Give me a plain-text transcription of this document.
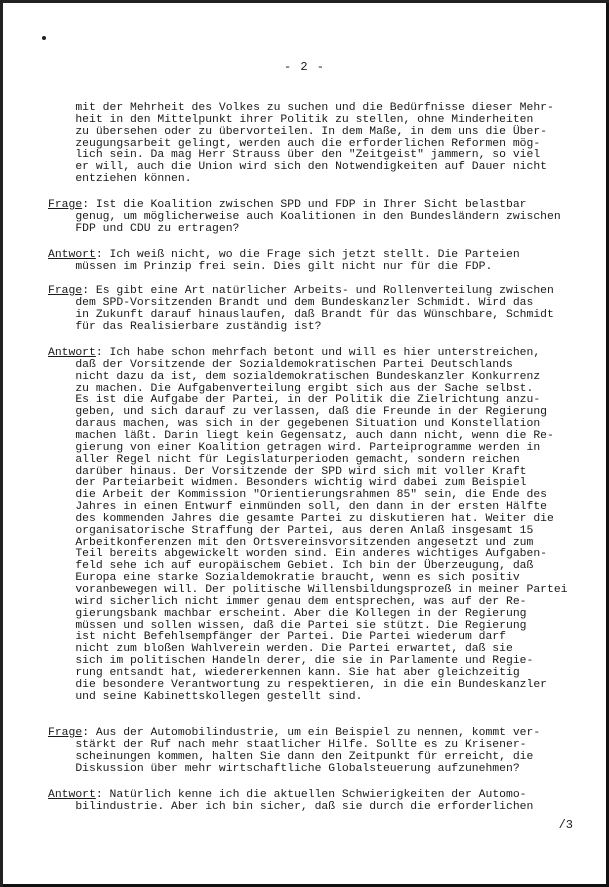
- 2 -
mit der Mehrheit des Volkes zu suchen und die Bedürfnisse dieser Mehr-
heit in den Mittelpunkt ihrer Politik zu stellen, ohne Minderheiten
zu übersehen oder zu übervorteilen. In dem Maße, in dem uns die Über-
zeugungsarbeit gelingt, werden auch die erforderlichen Reformen mög-
lich sein. Da mag Herr Strauss über den "Zeitgeist" jammern, so viel
er will, auch die Union wird sich den Notwendigkeiten auf Dauer nicht
entziehen können.
Frage: Ist die Koalition zwischen SPD und FDP in Ihrer Sicht belastbar
genug, um möglicherweise auch Koalitionen in den Bundesländern zwischen
FDP und CDU zu ertragen?
Antwort: Ich weiß nicht, wo die Frage sich jetzt stellt. Die Parteien
müssen im Prinzip frei sein. Dies gilt nicht nur für die FDP.
Frage: Es gibt eine Art natürlicher Arbeits- und Rollenverteilung zwischen
dem SPD-Vorsitzenden Brandt und dem Bundeskanzler Schmidt. Wird das
in Zukunft darauf hinauslaufen, daß Brandt für das Wünschbare, Schmidt
für das Realisierbare zuständig ist?
Antwort: Ich habe schon mehrfach betont und will es hier unterstreichen,
daß der Vorsitzende der Sozialdemokratischen Partei Deutschlands
nicht dazu da ist, dem sozialdemokratischen Bundeskanzler Konkurrenz
zu machen. Die Aufgabenverteilung ergibt sich aus der Sache selbst.
Es ist die Aufgabe der Partei, in der Politik die Zielrichtung anzu-
geben, und sich darauf zu verlassen, daß die Freunde in der Regierung
daraus machen, was sich in der gegebenen Situation und Konstellation
machen läßt. Darin liegt kein Gegensatz, auch dann nicht, wenn die Re-
gierung von einer Koalition getragen wird. Parteiprogramme werden in
aller Regel nicht für Legislaturperioden gemacht, sondern reichen
darüber hinaus. Der Vorsitzende der SPD wird sich mit voller Kraft
der Parteiarbeit widmen. Besonders wichtig wird dabei zum Beispiel
die Arbeit der Kommission "Orientierungsrahmen 85" sein, die Ende des
Jahres in einen Entwurf einmünden soll, den dann in der ersten Hälfte
des kommenden Jahres die gesamte Partei zu diskutieren hat. Weiter die
organisatorische Straffung der Partei, aus deren Anlaß insgesamt 15
Arbeitkonferenzen mit den Ortsvereinsvorsitzenden angesetzt und zum
Teil bereits abgewickelt worden sind. Ein anderes wichtiges Aufgaben-
feld sehe ich auf europäischem Gebiet. Ich bin der Überzeugung, daß
Europa eine starke Sozialdemokratie braucht, wenn es sich positiv
voranbewegen will. Der politische Willensbildungsprozeß in meiner Partei
wird sicherlich nicht immer genau dem entsprechen, was auf der Re-
gierungsbank machbar erscheint. Aber die Kollegen in der Regierung
müssen und sollen wissen, daß die Partei sie stützt. Die Regierung
ist nicht Befehlsempfänger der Partei. Die Partei wiederum darf
nicht zum bloßen Wahlverein werden. Die Partei erwartet, daß sie
sich im politischen Handeln derer, die sie in Parlamente und Regie-
rung entsandt hat, wiedererkennen kann. Sie hat aber gleichzeitig
die besondere Verantwortung zu respektieren, in die ein Bundeskanzler
und seine Kabinettskollegen gestellt sind.
Frage: Aus der Automobilindustrie, um ein Beispiel zu nennen, kommt ver-
stärkt der Ruf nach mehr staatlicher Hilfe. Sollte es zu Krisener-
scheinungen kommen, halten Sie dann den Zeitpunkt für erreicht, die
Diskussion über mehr wirtschaftliche Globalsteuerung aufzunehmen?
Antwort: Natürlich kenne ich die aktuellen Schwierigkeiten der Automo-
bilindustrie. Aber ich bin sicher, daß sie durch die erforderlichen
/3
